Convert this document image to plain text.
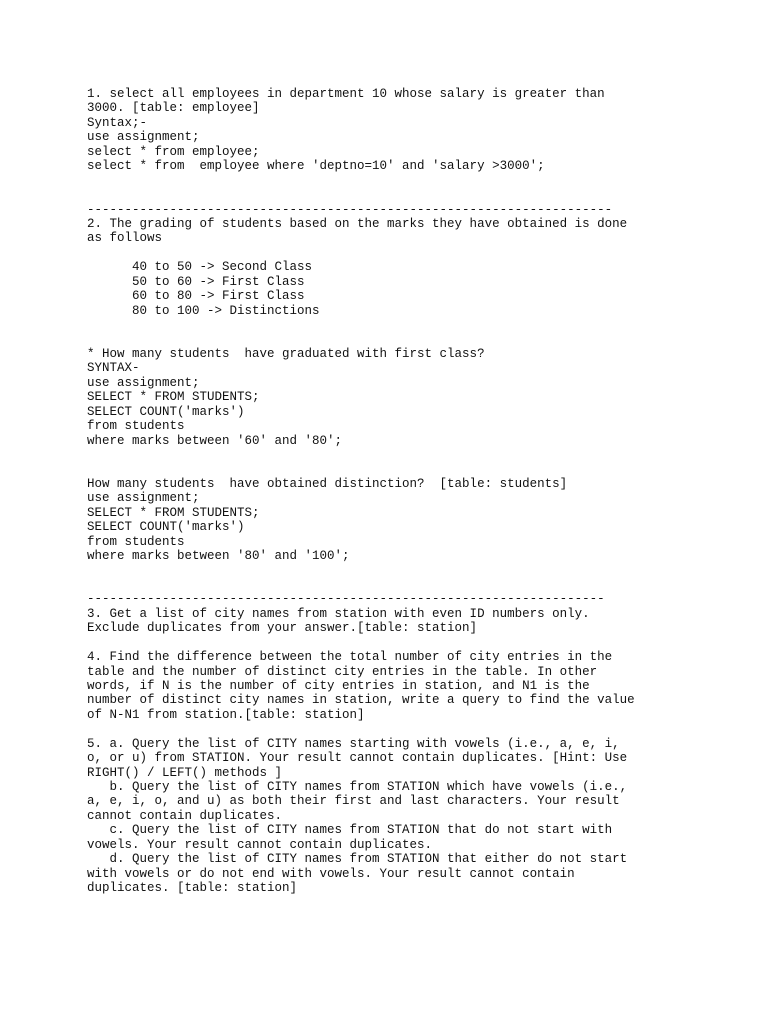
1. select all employees in department 10 whose salary is greater than
3000. [table: employee]
Syntax;-
use assignment;
select * from employee;
select * from  employee where 'deptno=10' and 'salary >3000';
----------------------------------------------------------------------
2. The grading of students based on the marks they have obtained is done
as follows
40 to 50 -> Second Class
50 to 60 -> First Class
60 to 80 -> First Class
80 to 100 -> Distinctions
* How many students  have graduated with first class?
SYNTAX-
use assignment;
SELECT * FROM STUDENTS;
SELECT COUNT('marks')
from students
where marks between '60' and '80';
How many students  have obtained distinction?  [table: students]
use assignment;
SELECT * FROM STUDENTS;
SELECT COUNT('marks')
from students
where marks between '80' and '100';
---------------------------------------------------------------------
3. Get a list of city names from station with even ID numbers only.
Exclude duplicates from your answer.[table: station]
4. Find the difference between the total number of city entries in the
table and the number of distinct city entries in the table. In other
words, if N is the number of city entries in station, and N1 is the
number of distinct city names in station, write a query to find the value
of N-N1 from station.[table: station]
5. a. Query the list of CITY names starting with vowels (i.e., a, e, i,
o, or u) from STATION. Your result cannot contain duplicates. [Hint: Use
RIGHT() / LEFT() methods ]
b. Query the list of CITY names from STATION which have vowels (i.e.,
a, e, i, o, and u) as both their first and last characters. Your result
cannot contain duplicates.
c. Query the list of CITY names from STATION that do not start with
vowels. Your result cannot contain duplicates.
d. Query the list of CITY names from STATION that either do not start
with vowels or do not end with vowels. Your result cannot contain
duplicates. [table: station]
